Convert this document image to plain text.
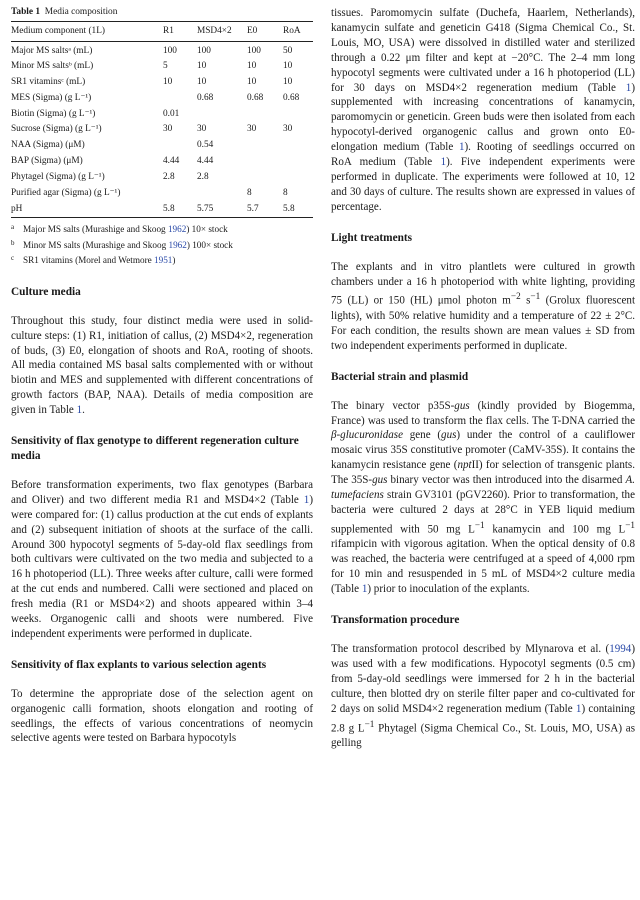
Table 1 Media composition
Medium component (1L)	R1	MSD4×2	E0	RoA
Major MS saltsᵃ (mL)	100	100	100	50
Minor MS saltsᵇ (mL)	5	10	10	10
SR1 vitaminsᶜ (mL)	10	10	10	10
MES (Sigma) (g L⁻¹)		0.68	0.68	0.68
Biotin (Sigma) (g L⁻¹)	0.01			
Sucrose (Sigma) (g L⁻¹)	30	30	30	30
NAA (Sigma) (μM)		0.54		
BAP (Sigma) (μM)	4.44	4.44		
Phytagel (Sigma) (g L⁻¹)	2.8	2.8		
Purified agar (Sigma) (g L⁻¹)			8	8
pH	5.8	5.75	5.7	5.8
a Major MS salts (Murashige and Skoog 1962) 10× stock
b Minor MS salts (Murashige and Skoog 1962) 100× stock
c SR1 vitamins (Morel and Wetmore 1951)
Culture media

Throughout this study, four distinct media were used in solid-culture steps: (1) R1, initiation of callus, (2) MSD4×2, regeneration of buds, (3) E0, elongation of shoots and RoA, rooting of shoots. All media contained MS basal salts complemented with or without biotin and MES and supplemented with different concentrations of growth factors (BAP, NAA). Details of media composition are given in Table 1.

Sensitivity of flax genotype to different regeneration culture media

Before transformation experiments, two flax genotypes (Barbara and Oliver) and two different media R1 and MSD4×2 (Table 1) were compared for: (1) callus production at the cut ends of explants and (2) subsequent initiation of shoots at the surface of the calli. Around 300 hypocotyl segments of 5-day-old flax seedlings from both cultivars were cultivated on the two media and subjected to a 16 h photoperiod (LL). Three weeks after culture, calli were formed at the cut ends and numbered. Calli were sectioned and placed on fresh media (R1 or MSD4×2) and shoots appeared within 3–4 weeks. Organogenic calli and shoots were numbered. Five independent experiments were performed in duplicate.

Sensitivity of flax explants to various selection agents

To determine the appropriate dose of the selection agent on organogenic calli formation, shoots elongation and rooting of seedlings, the effects of various concentrations of neomycin selective agents were tested on Barbara hypocotyls

tissues. Paromomycin sulfate (Duchefa, Haarlem, Netherlands), kanamycin sulfate and geneticin G418 (Sigma Chemical Co., St. Louis, MO, USA) were dissolved in distilled water and sterilized through a 0.22 μm filter and kept at −20°C. The 2–4 mm long hypocotyl segments were cultivated under a 16 h photoperiod (LL) for 30 days on MSD4×2 regeneration medium (Table 1) supplemented with increasing concentrations of kanamycin, paromomycin or geneticin. Green buds were then isolated from each hypocotyl-derived organogenic callus and grown onto E0-elongation medium (Table 1). Rooting of seedlings occurred on RoA medium (Table 1). Five independent experiments were performed in duplicate. The experiments were followed at 10, 12 and 30 days of culture. The results shown are expressed in values of percentage.

Light treatments

The explants and in vitro plantlets were cultured in growth chambers under a 16 h photoperiod with white lighting, providing 75 (LL) or 150 (HL) μmol photon $m^{-2}$ $s^{-1}$ (Grolux fluorescent lights), with 50% relative humidity and a temperature of 22 ± 2°C. For each condition, the results shown are mean values ± SD from two independent experiments performed in duplicate.

Bacterial strain and plasmid

The binary vector p35S-gus (kindly provided by Biogemma, France) was used to transform the flax cells. The T-DNA carried the β-glucuronidase gene (gus) under the control of a cauliflower mosaic virus 35S constitutive promoter (CaMV-35S). It contains the kanamycin resistance gene (nptII) for selection of transgenic plants. The 35S-gus binary vector was then introduced into the disarmed A. tumefaciens strain GV3101 (pGV2260). Prior to transformation, the bacteria were cultured 2 days at 28°C in YEB liquid medium supplemented with 50 mg $L^{-1}$ kanamycin and 100 mg $L^{-1}$ rifampicin with vigorous agitation. When the optical density of 0.8 was reached, the bacteria were centrifuged at a speed of 4,000 rpm for 10 min and resuspended in 5 mL of MSD4×2 culture media (Table 1) prior to inoculation of the explants.

Transformation procedure

The transformation protocol described by Mlynarova et al. (1994) was used with a few modifications. Hypocotyl segments (0.5 cm) from 5-day-old seedlings were immersed for 2 h in the bacterial culture, then blotted dry on sterile filter paper and co-cultivated for 2 days on solid MSD4×2 regeneration medium (Table 1) containing 2.8 g $L^{-1}$ Phytagel (Sigma Chemical Co., St. Louis, MO, USA) as gelling
